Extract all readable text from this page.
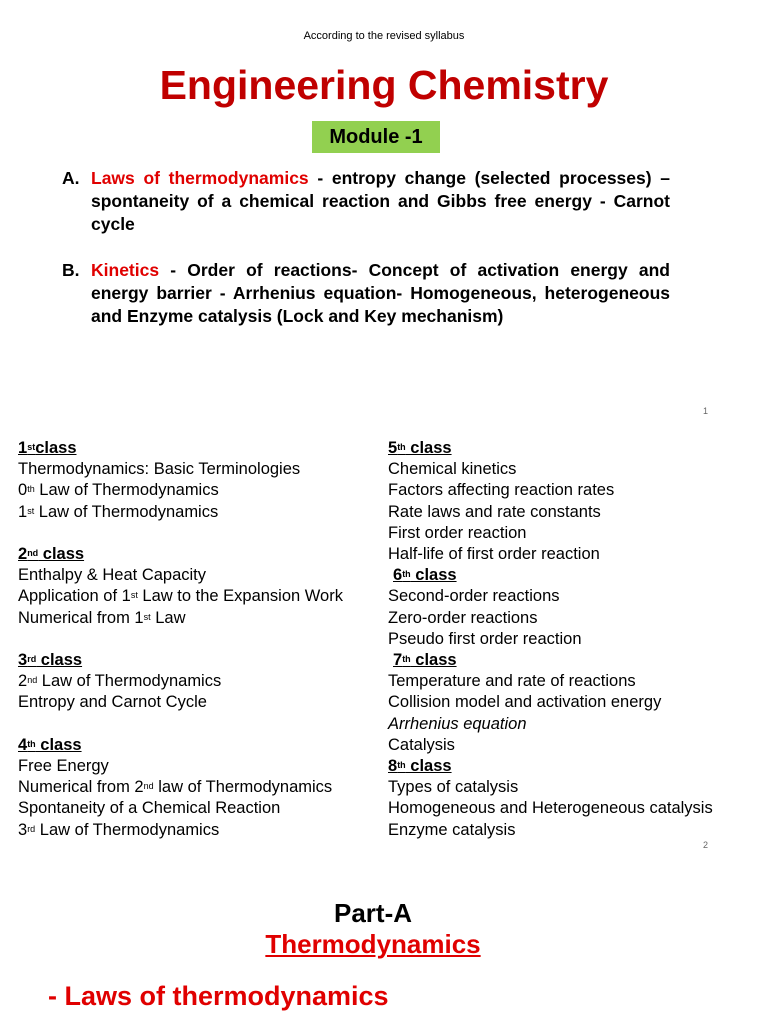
According to the revised syllabus
Engineering Chemistry
Module -1
A. Laws of thermodynamics - entropy change (selected processes) – spontaneity of a chemical reaction and Gibbs free energy - Carnot cycle
B. Kinetics - Order of reactions- Concept of activation energy and energy barrier - Arrhenius equation- Homogeneous, heterogeneous and Enzyme catalysis (Lock and Key mechanism)
1
1stclass
Thermodynamics: Basic Terminologies
0th Law of Thermodynamics
1st Law of Thermodynamics
2nd class
Enthalpy & Heat Capacity
Application of 1st Law to the Expansion Work
Numerical from 1st Law
3rd class
2nd Law of Thermodynamics
Entropy and Carnot Cycle
4th class
Free Energy
Numerical from 2nd law of Thermodynamics
Spontaneity of a Chemical Reaction
3rd Law of Thermodynamics
5th class
Chemical kinetics
Factors affecting reaction rates
Rate laws and rate constants
First order reaction
Half-life of first order reaction
6th class
Second-order reactions
Zero-order reactions
Pseudo first order reaction
7th class
Temperature and rate of reactions
Collision model and activation energy
Arrhenius equation
Catalysis
8th class
Types of catalysis
Homogeneous and Heterogeneous catalysis
Enzyme catalysis
2
Part-A
Thermodynamics
- Laws of thermodynamics
